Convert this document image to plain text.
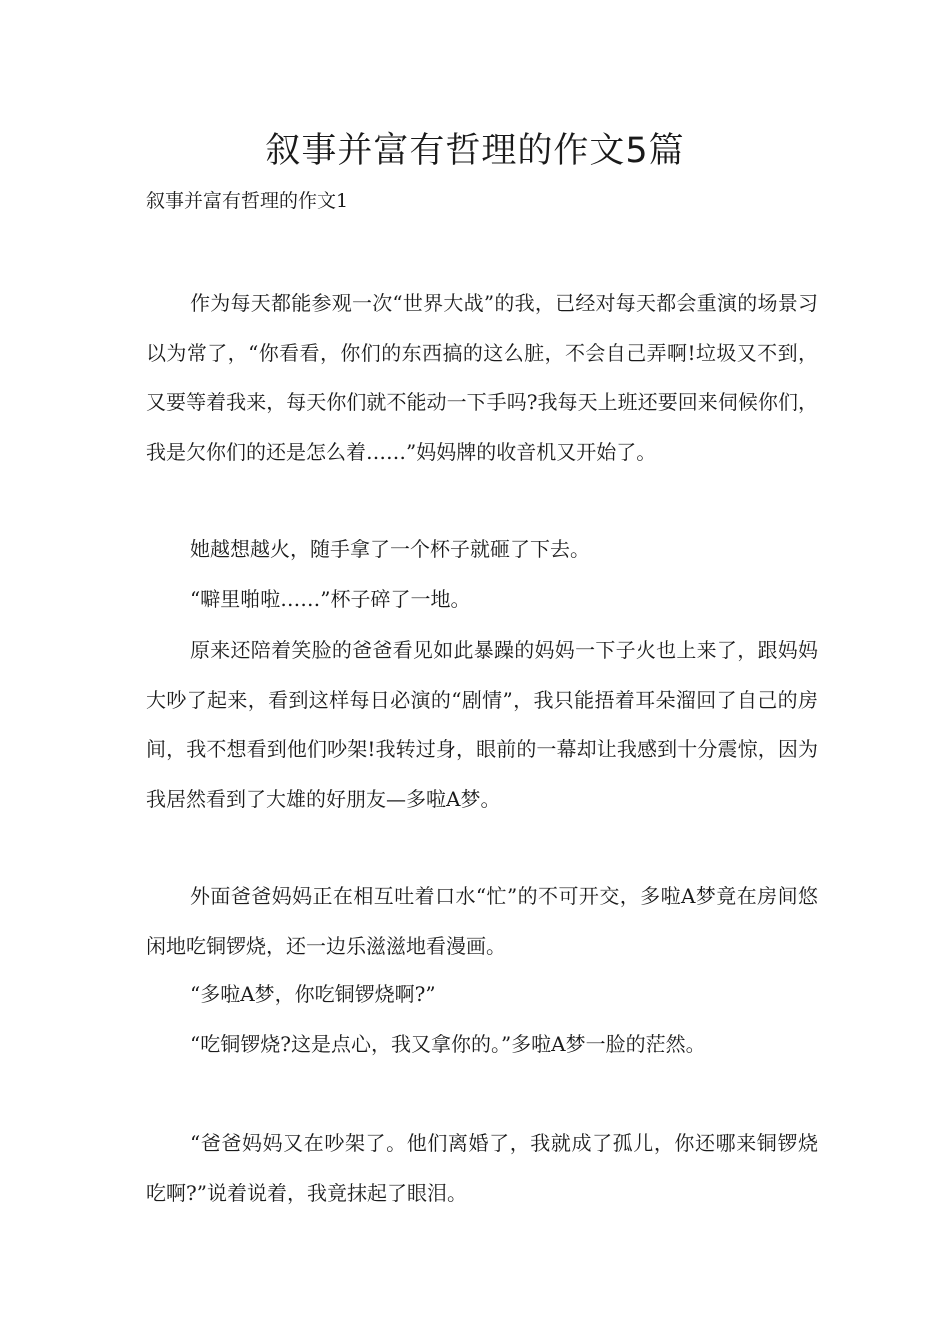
叙事并富有哲理的作文5篇
叙事并富有哲理的作文1

作为每天都能参观一次“世界大战”的我，已经对每天都会重演的场景习以为常了，“你看看，你们的东西搞的这么脏，不会自己弄啊!垃圾又不到，又要等着我来，每天你们就不能动一下手吗?我每天上班还要回来伺候你们，我是欠你们的还是怎么着……”妈妈牌的收音机又开始了。

她越想越火，随手拿了一个杯子就砸了下去。

“噼里啪啦……”杯子碎了一地。

原来还陪着笑脸的爸爸看见如此暴躁的妈妈一下子火也上来了，跟妈妈大吵了起来，看到这样每日必演的“剧情”，我只能捂着耳朵溜回了自己的房间，我不想看到他们吵架!我转过身，眼前的一幕却让我感到十分震惊，因为我居然看到了大雄的好朋友—多啦A梦。

外面爸爸妈妈正在相互吐着口水“忙”的不可开交，多啦A梦竟在房间悠闲地吃铜锣烧，还一边乐滋滋地看漫画。

“多啦A梦，你吃铜锣烧啊?”

“吃铜锣烧?这是点心，我又拿你的。”多啦A梦一脸的茫然。

“爸爸妈妈又在吵架了。他们离婚了，我就成了孤儿，你还哪来铜锣烧吃啊?”说着说着，我竟抹起了眼泪。
